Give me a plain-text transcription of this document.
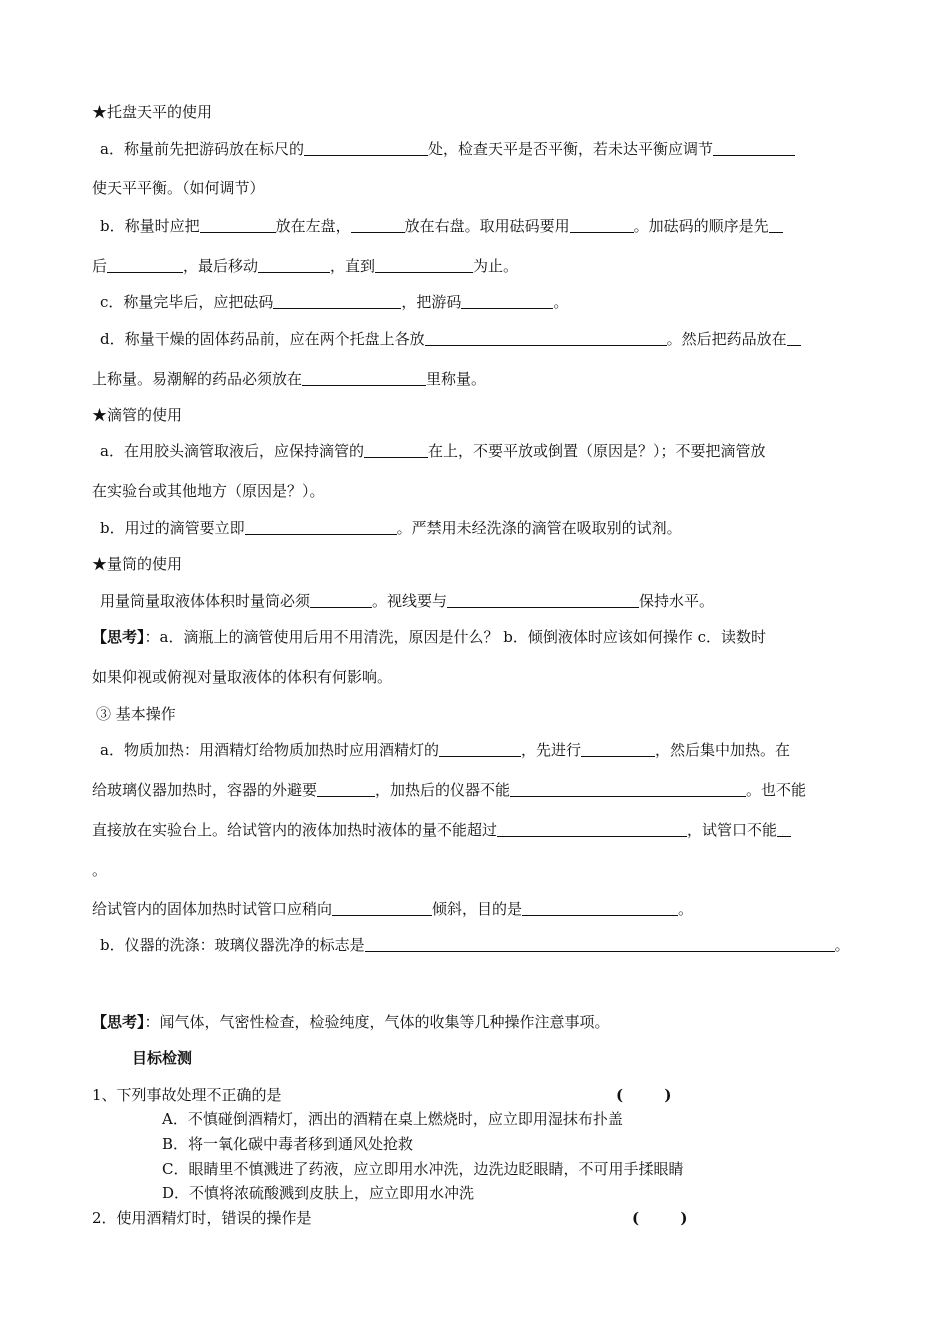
★托盘天平的使用
a．称量前先把游码放在标尺的	处，检查天平是否平衡，若未达平衡应调节
使天平平衡。（如何调节）
b．称量时应把	放在左盘，	放在右盘。取用砝码要用	。加砝码的顺序是先
后	，最后移动	，直到	为止。
c．称量完毕后，应把砝码	，把游码	。
d．称量干燥的固体药品前，应在两个托盘上各放	。然后把药品放在
上称量。易潮解的药品必须放在	里称量。
★滴管的使用
a．在用胶头滴管取液后，应保持滴管的	在上，不要平放或倒置（原因是？）；不要把滴管放
在实验台或其他地方（原因是？）。
b．用过的滴管要立即	。严禁用未经洗涤的滴管在吸取别的试剂。
★量筒的使用
用量筒量取液体体积时量筒必须	。视线要与	保持水平。
【思考】：a．滴瓶上的滴管使用后用不用清洗，原因是什么？ b．倾倒液体时应该如何操作 c．读数时
如果仰视或俯视对量取液体的体积有何影响。
③ 基本操作
a．物质加热：用酒精灯给物质加热时应用酒精灯的	，先进行	，然后集中加热。在
给玻璃仪器加热时，容器的外避要	，加热后的仪器不能	。也不能
直接放在实验台上。给试管内的液体加热时液体的量不能超过	，试管口不能
。
给试管内的固体加热时试管口应稍向	倾斜，目的是	。
b．仪器的洗涤：玻璃仪器洗净的标志是	。
【思考】：闻气体，气密性检查，检验纯度，气体的收集等几种操作注意事项。
目标检测
1、下列事故处理不正确的是	( )
A．不慎碰倒酒精灯，洒出的酒精在桌上燃烧时，应立即用湿抹布扑盖
B．将一氧化碳中毒者移到通风处抢救
C．眼睛里不慎溅进了药液，应立即用水冲洗，边洗边眨眼睛，不可用手揉眼睛
D．不慎将浓硫酸溅到皮肤上，应立即用水冲洗
2．使用酒精灯时，错误的操作是	( )
